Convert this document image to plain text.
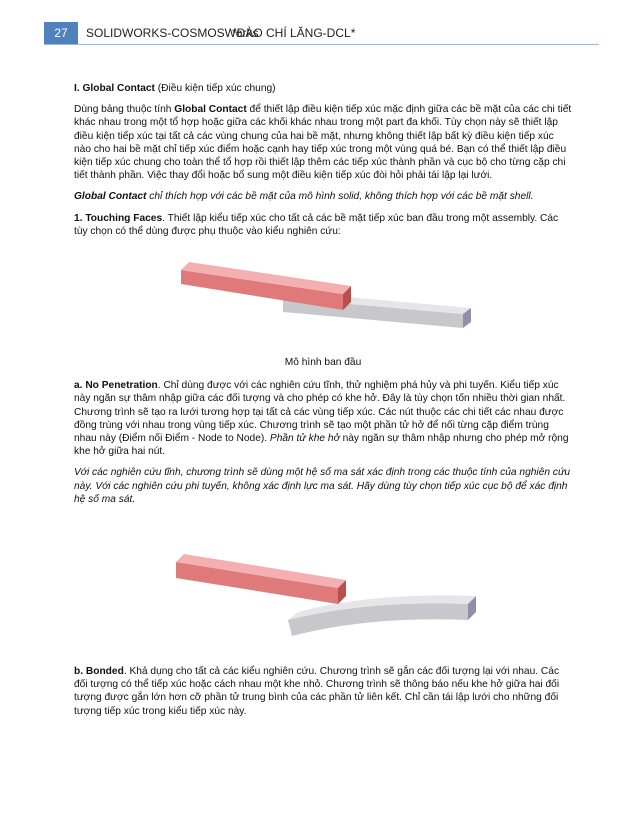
27	SOLIDWORKS-COSMOSWorks
*ĐÀO CHÍ LĂNG-DCL*

I. Global Contact (Điều kiện tiếp xúc chung)

Dùng bảng thuộc tính Global Contact để thiết lập điều kiện tiếp xúc mặc định giữa các bề mặt của các chi tiết khác nhau trong một tổ hợp hoặc giữa các khối khác nhau trong một part đa khối. Tùy chọn này sẽ thiết lập điều kiện tiếp xúc tại tất cả các vùng chung của hai bề mặt, nhưng không thiết lập bất kỳ điều kiện tiếp xúc nào cho hai bề mặt chỉ tiếp xúc điểm hoặc cạnh hay tiếp xúc trong một vùng quá bé. Bạn có thể thiết lập điều kiện tiếp xúc chung cho toàn thể tổ hợp rồi thiết lập thêm các tiếp xúc thành phần và cục bộ cho từng cặp chi tiết thành phần. Việc thay đổi hoặc bổ sung một điều kiện tiếp xúc đòi hỏi phải tái lập lại lưới.

Global Contact chỉ thích hợp với các bề mặt của mô hình solid, không thích hợp với các bề mặt shell.

1. Touching Faces. Thiết lập kiểu tiếp xúc cho tất cả các bề mặt tiếp xúc ban đầu trong một assembly. Các tùy chọn có thể dùng được phụ thuộc vào kiểu nghiên cứu:

Mô hình ban đầu

a. No Penetration. Chỉ dùng được với các nghiên cứu tĩnh, thử nghiệm phá hủy và phi tuyến. Kiểu tiếp xúc này ngăn sự thâm nhập giữa các đối tượng và cho phép có khe hở. Đây là tùy chọn tốn nhiều thời gian nhất. Chương trình sẽ tạo ra lưới tương hợp tại tất cả các vùng tiếp xúc. Các nút thuộc các chi tiết các nhau được đồng trùng với nhau trong vùng tiếp xúc. Chương trình sẽ tạo một phần tử hở để nối từng cặp điểm trùng nhau này (Điểm nối Điểm - Node to Node). Phần tử khe hở này ngăn sự thâm nhập nhưng cho phép mở rộng khe hở giữa hai nút.

Với các nghiên cứu tĩnh, chương trình sẽ dùng một hệ số ma sát xác định trong các thuộc tính của nghiên cứu này. Với các nghiên cứu phi tuyến, không xác định lực ma sát. Hãy dùng tùy chọn tiếp xúc cục bộ để xác định hệ số ma sát.

b. Bonded. Khả dụng cho tất cả các kiểu nghiên cứu. Chương trình sẽ gắn các đối tượng lại với nhau. Các đối tượng có thể tiếp xúc hoặc cách nhau một khe nhỏ. Chương trình sẽ thông báo nếu khe hở giữa hai đối tượng được gắn lớn hơn cỡ phần tử trung bình của các phần tử liên kết. Chỉ cần tái lập lưới cho những đối tượng tiếp xúc trong kiểu tiếp xúc này.
